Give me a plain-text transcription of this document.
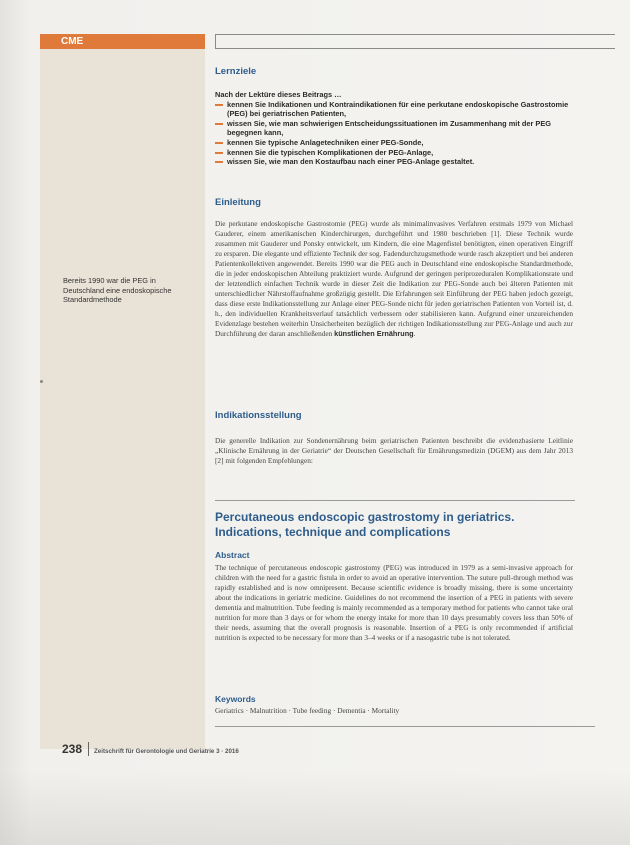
CME
Bereits 1990 war die PEG in Deutschland eine endoskopische Standardmethode
Lernziele
Nach der Lektüre dieses Beitrags …
kennen Sie Indikationen und Kontraindikationen für eine perkutane endoskopische Gastrostomie (PEG) bei geriatrischen Patienten,
wissen Sie, wie man schwierigen Entscheidungssituationen im Zusammenhang mit der PEG begegnen kann,
kennen Sie typische Anlagetechniken einer PEG-Sonde,
kennen Sie die typischen Komplikationen der PEG-Anlage,
wissen Sie, wie man den Kostaufbau nach einer PEG-Anlage gestaltet.
Einleitung
Die perkutane endoskopische Gastrostomie (PEG) wurde als minimalinvasives Verfahren erstmals 1979 von Michael Gauderer, einem amerikanischen Kinderchirurgen, durchgeführt und 1980 beschrieben [1]. Diese Technik wurde zusammen mit Gauderer und Ponsky entwickelt, um Kindern, die eine Magenfistel benötigten, einen operativen Eingriff zu ersparen. Die elegante und effiziente Technik der sog. Fadendurchzugsmethode wurde rasch akzeptiert und bei anderen Patientenkollektiven angewendet. Bereits 1990 war die PEG auch in Deutschland eine endoskopische Standardmethode, die in jeder endoskopischen Abteilung praktiziert wurde. Aufgrund der geringen periprozeduralen Komplikationsrate und der letztendlich einfachen Technik wurde in dieser Zeit die Indikation zur PEG-Sonde auch bei älteren Patienten mit unterschiedlicher Nährstoffaufnahme großzügig gestellt. Die Erfahrungen seit Einführung der PEG haben jedoch gezeigt, dass diese erste Indikationsstellung zur Anlage einer PEG-Sonde nicht für jeden geriatrischen Patienten von Vorteil ist, d. h., den individuellen Krankheitsverlauf tatsächlich verbessern oder stabilisieren kann. Aufgrund einer unzureichenden Evidenzlage bestehen weiterhin Unsicherheiten bezüglich der richtigen Indikationsstellung zur PEG-Anlage und auch zur Durchführung der daran anschließenden künstlichen Ernährung.
Indikationsstellung
Die generelle Indikation zur Sondenernährung beim geriatrischen Patienten beschreibt die evidenzbasierte Leitlinie „Klinische Ernährung in der Geriatrie“ der Deutschen Gesellschaft für Ernährungsmedizin (DGEM) aus dem Jahr 2013 [2] mit folgenden Empfehlungen:
Percutaneous endoscopic gastrostomy in geriatrics. Indications, technique and complications
Abstract
The technique of percutaneous endoscopic gastrostomy (PEG) was introduced in 1979 as a semi-invasive approach for children with the need for a gastric fistula in order to avoid an operative intervention. The suture pull-through method was rapidly established and is now omnipresent. Because scientific evidence is broadly missing, there is some uncertainty about the indications in geriatric medicine. Guidelines do not recommend the insertion of a PEG in patients with severe dementia and malnutrition. Tube feeding is mainly recommended as a temporary method for patients who cannot take oral nutrition for more than 3 days or for whom the energy intake for more than 10 days presumably covers less than 50% of their needs, assuming that the overall prognosis is reasonable. Insertion of a PEG is only recommended if artificial nutrition is expected to be necessary for more than 3–4 weeks or if a nasogastric tube is not tolerated.
Keywords
Geriatrics · Malnutrition · Tube feeding · Dementia · Mortality
238	Zeitschrift für Gerontologie und Geriatrie 3 · 2016
